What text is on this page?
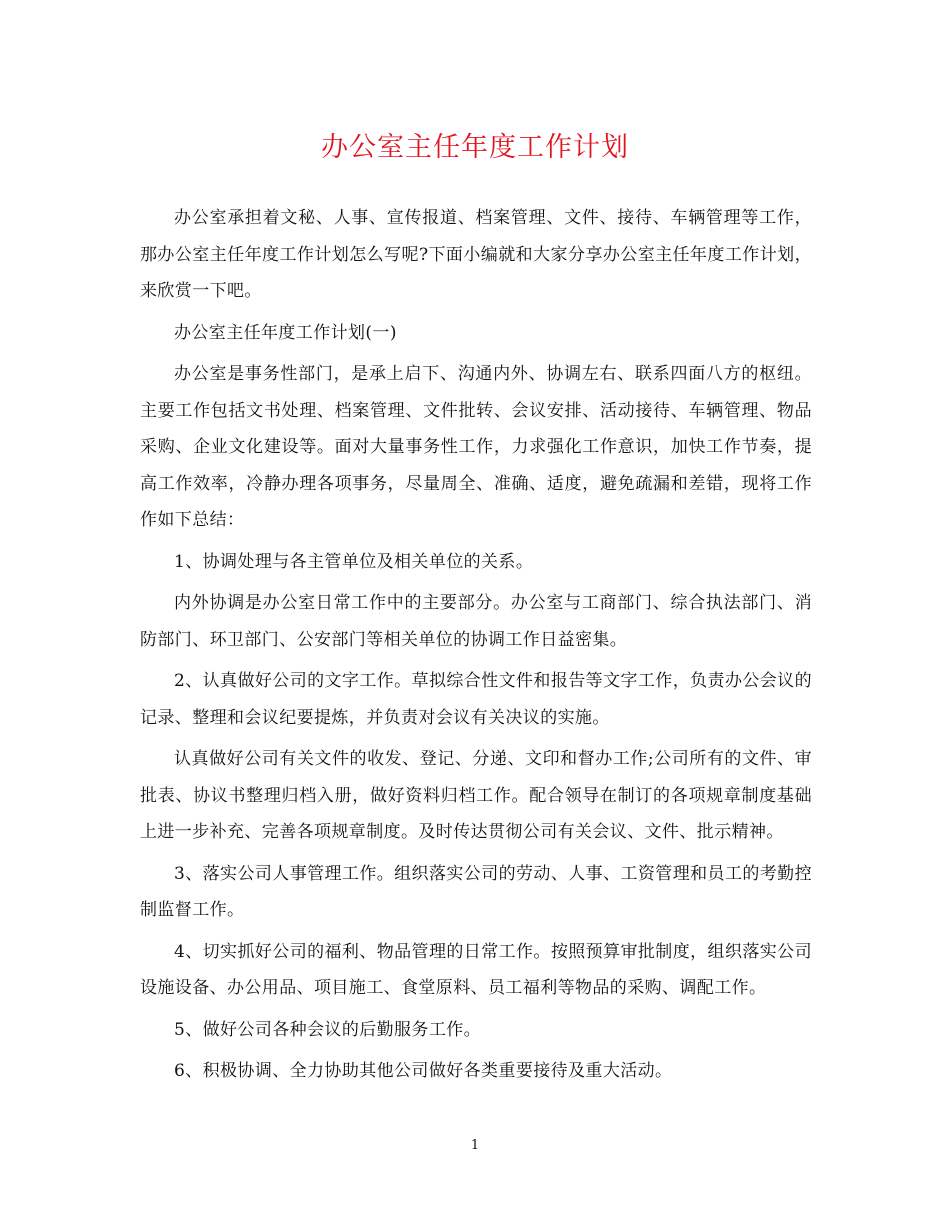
办公室主任年度工作计划

办公室承担着文秘、人事、宣传报道、档案管理、文件、接待、车辆管理等工作，那办公室主任年度工作计划怎么写呢?下面小编就和大家分享办公室主任年度工作计划，来欣赏一下吧。

办公室主任年度工作计划(一)

办公室是事务性部门，是承上启下、沟通内外、协调左右、联系四面八方的枢纽。主要工作包括文书处理、档案管理、文件批转、会议安排、活动接待、车辆管理、物品采购、企业文化建设等。面对大量事务性工作，力求强化工作意识，加快工作节奏，提高工作效率，冷静办理各项事务，尽量周全、准确、适度，避免疏漏和差错，现将工作作如下总结：

1、协调处理与各主管单位及相关单位的关系。

内外协调是办公室日常工作中的主要部分。办公室与工商部门、综合执法部门、消防部门、环卫部门、公安部门等相关单位的协调工作日益密集。

2、认真做好公司的文字工作。草拟综合性文件和报告等文字工作，负责办公会议的记录、整理和会议纪要提炼，并负责对会议有关决议的实施。

认真做好公司有关文件的收发、登记、分递、文印和督办工作;公司所有的文件、审批表、协议书整理归档入册，做好资料归档工作。配合领导在制订的各项规章制度基础上进一步补充、完善各项规章制度。及时传达贯彻公司有关会议、文件、批示精神。

3、落实公司人事管理工作。组织落实公司的劳动、人事、工资管理和员工的考勤控制监督工作。

4、切实抓好公司的福利、物品管理的日常工作。按照预算审批制度，组织落实公司设施设备、办公用品、项目施工、食堂原料、员工福利等物品的采购、调配工作。

5、做好公司各种会议的后勤服务工作。

6、积极协调、全力协助其他公司做好各类重要接待及重大活动。

1
